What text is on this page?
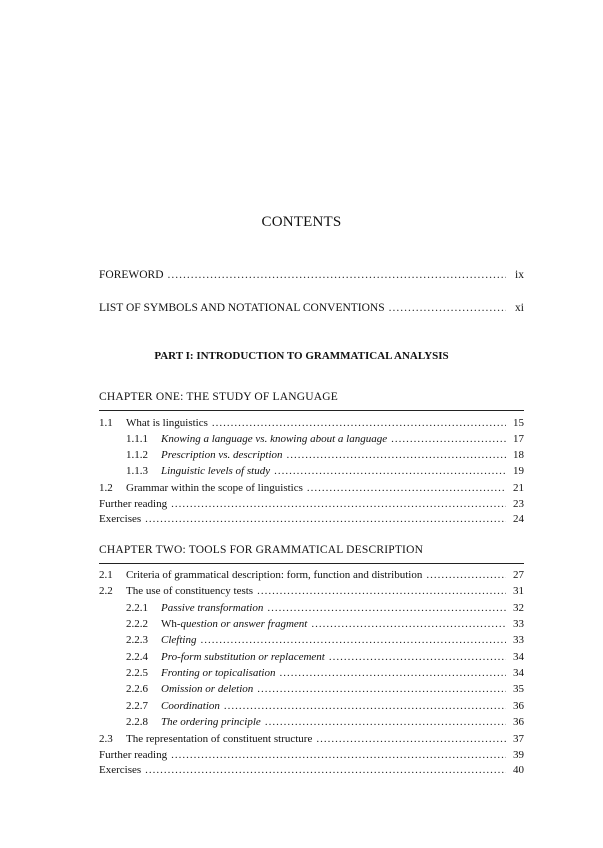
CONTENTS
FOREWORD .....	ix
LIST OF SYMBOLS AND NOTATIONAL CONVENTIONS .....	xi
PART I: INTRODUCTION TO GRAMMATICAL ANALYSIS
CHAPTER ONE: THE STUDY OF LANGUAGE
1.1	What is linguistics .....	15
1.1.1	Knowing a language vs. knowing about a language .....	17
1.1.2	Prescription vs. description .....	18
1.1.3	Linguistic levels of study .....	19
1.2	Grammar within the scope of linguistics .....	21
Further reading .....	23
Exercises .....	24
CHAPTER TWO: TOOLS FOR GRAMMATICAL DESCRIPTION
2.1	Criteria of grammatical description: form, function and distribution .....	27
2.2	The use of constituency tests .....	31
2.2.1	Passive transformation .....	32
2.2.2	Wh- question or answer fragment .....	33
2.2.3	Clefting .....	33
2.2.4	Pro-form substitution or replacement .....	34
2.2.5	Fronting or topicalisation .....	34
2.2.6	Omission or deletion .....	35
2.2.7	Coordination .....	36
2.2.8	The ordering principle .....	36
2.3	The representation of constituent structure .....	37
Further reading .....	39
Exercises .....	40
